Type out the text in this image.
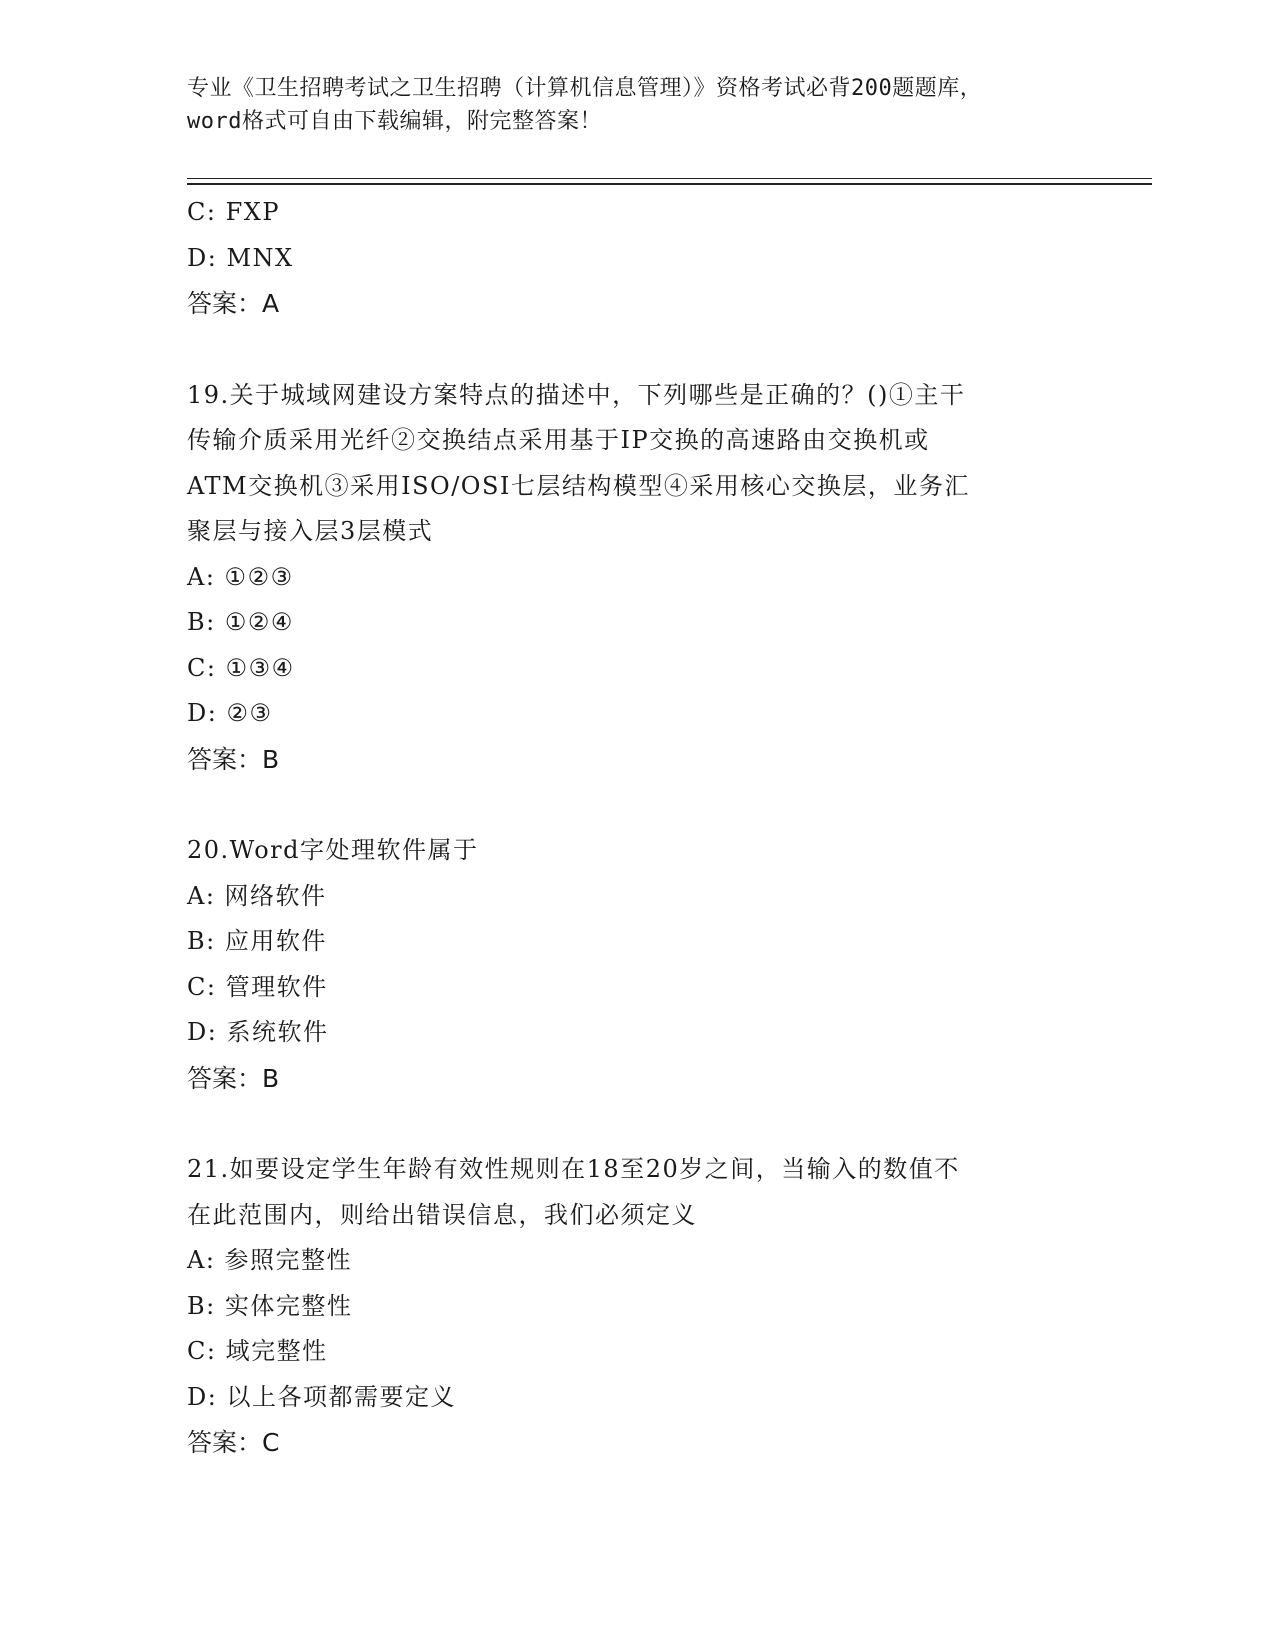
专业《卫生招聘考试之卫生招聘（计算机信息管理）》资格考试必背200题题库，
word格式可自由下载编辑，附完整答案！
C: FXP
D: MNX
答案：A
19.关于城域网建设方案特点的描述中，下列哪些是正确的？()①主干
传输介质采用光纤②交换结点采用基于IP交换的高速路由交换机或
ATM交换机③采用ISO/OSI七层结构模型④采用核心交换层，业务汇
聚层与接入层3层模式
A: ①②③
B: ①②④
C: ①③④
D: ②③
答案：B
20.Word字处理软件属于
A: 网络软件
B: 应用软件
C: 管理软件
D: 系统软件
答案：B
21.如要设定学生年龄有效性规则在18至20岁之间，当输入的数值不
在此范围内，则给出错误信息，我们必须定义
A: 参照完整性
B: 实体完整性
C: 域完整性
D: 以上各项都需要定义
答案：C
